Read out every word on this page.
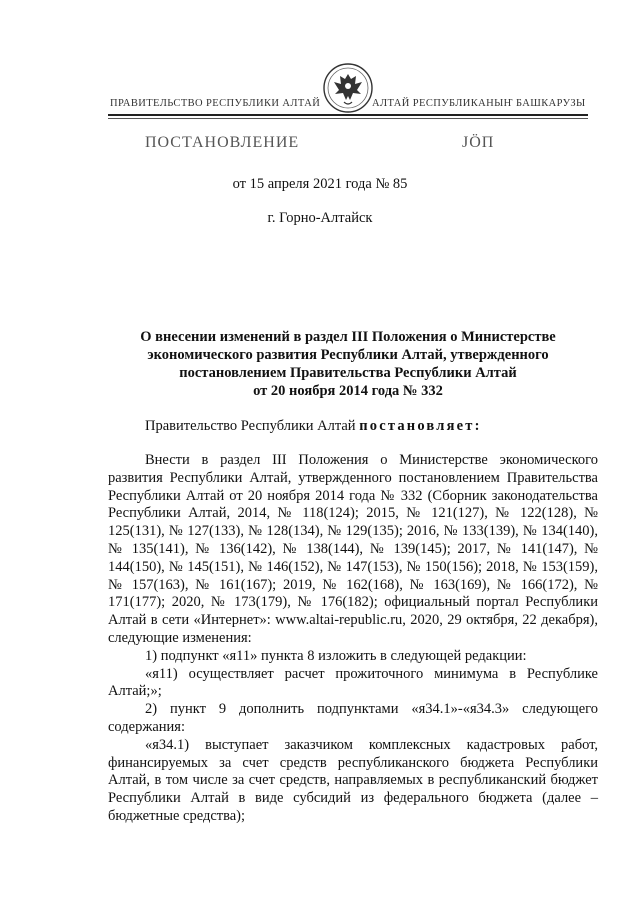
ПРАВИТЕЛЬСТВО РЕСПУБЛИКИ АЛТАЙ	АЛТАЙ РЕСПУБЛИКАНЫҤ БАШКАРУЗЫ
ПОСТАНОВЛЕНИЕ	ЈӦП
от 15 апреля 2021 года № 85
г. Горно-Алтайск
О внесении изменений в раздел III Положения о Министерстве
экономического развития Республики Алтай, утвержденного
постановлением Правительства Республики Алтай
от 20 ноября 2014 года № 332
Правительство Республики Алтай постановляет:

Внести в раздел III Положения о Министерстве экономического развития Республики Алтай, утвержденного постановлением Правительства Республики Алтай от 20 ноября 2014 года № 332 (Сборник законодательства Республики Алтай, 2014, № 118(124); 2015, № 121(127), № 122(128), № 125(131), № 127(133), № 128(134), № 129(135); 2016, № 133(139), № 134(140), № 135(141), № 136(142), № 138(144), № 139(145); 2017, № 141(147), № 144(150), № 145(151), № 146(152), № 147(153), № 150(156); 2018, № 153(159), № 157(163), № 161(167); 2019, № 162(168), № 163(169), № 166(172), № 171(177); 2020, № 173(179), № 176(182); официальный портал Республики Алтай в сети «Интернет»: www.altai-republic.ru, 2020, 29 октября, 22 декабря), следующие изменения:

1) подпункт «я11» пункта 8 изложить в следующей редакции:

«я11) осуществляет расчет прожиточного минимума в Республике Алтай;»;

2) пункт 9 дополнить подпунктами «я34.1»-«я34.3» следующего содержания:

«я34.1) выступает заказчиком комплексных кадастровых работ, финансируемых за счет средств республиканского бюджета Республики Алтай, в том числе за счет средств, направляемых в республиканский бюджет Республики Алтай в виде субсидий из федерального бюджета (далее – бюджетные средства);
